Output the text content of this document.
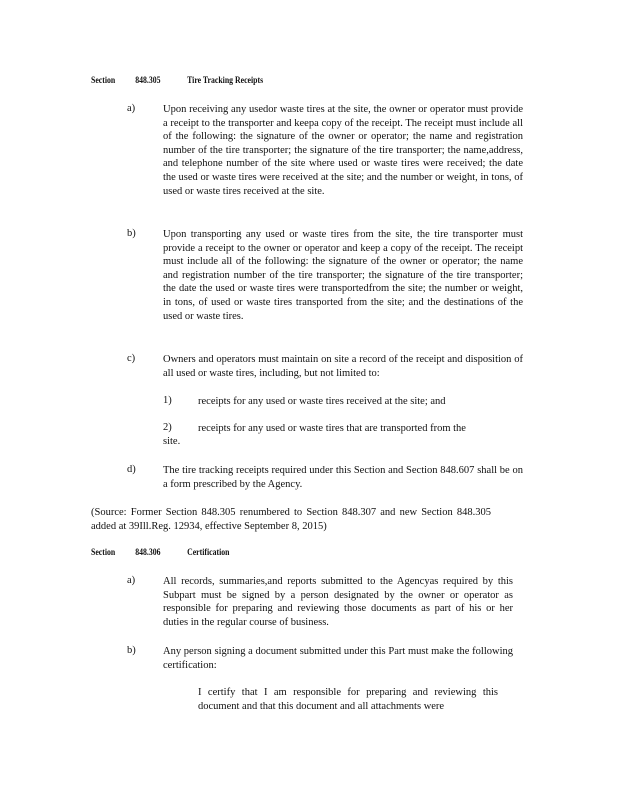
Section 848.305	Tire Tracking Receipts
a)	Upon receiving any usedor waste tires at the site, the owner or operator must provide a receipt to the transporter and keepa copy of the receipt. The receipt must include all of the following: the signature of the owner or operator; the name and registration number of the tire transporter; the signature of the tire transporter; the name,address, and telephone number of the site where used or waste tires were received; the date the used or waste tires were received at the site; and the number or weight, in tons, of used or waste tires received at the site.
b)	Upon transporting any used or waste tires from the site, the tire transporter must provide a receipt to the owner or operator and keep a copy of the receipt. The receipt must include all of the following: the signature of the owner or operator; the name and registration number of the tire transporter; the signature of the tire transporter; the date the used or waste tires were transportedfrom the site; the number or weight, in tons, of used or waste tires transported from the site; and the destinations of the used or waste tires.
c)	Owners and operators must maintain on site a record of the receipt and disposition of all used or waste tires, including, but not limited to:
1)	receipts for any used or waste tires received at the site; and
2)	receipts for any used or waste tires that are transported from the
site.
d)	The tire tracking receipts required under this Section and Section 848.607 shall be on a form prescribed by the Agency.
(Source: Former Section 848.305 renumbered to Section 848.307 and new Section 848.305 added at 39Ill.Reg. 12934, effective September 8, 2015)
Section 848.306	Certification
a)	All records, summaries,and reports submitted to the Agencyas required by this Subpart must be signed by a person designated by the owner or operator as responsible for preparing and reviewing those documents as part of his or her duties in the regular course of business.
b)	Any person signing a document submitted under this Part must make the following certification:
I certify that I am responsible for preparing and reviewing this document and that this document and all attachments were
